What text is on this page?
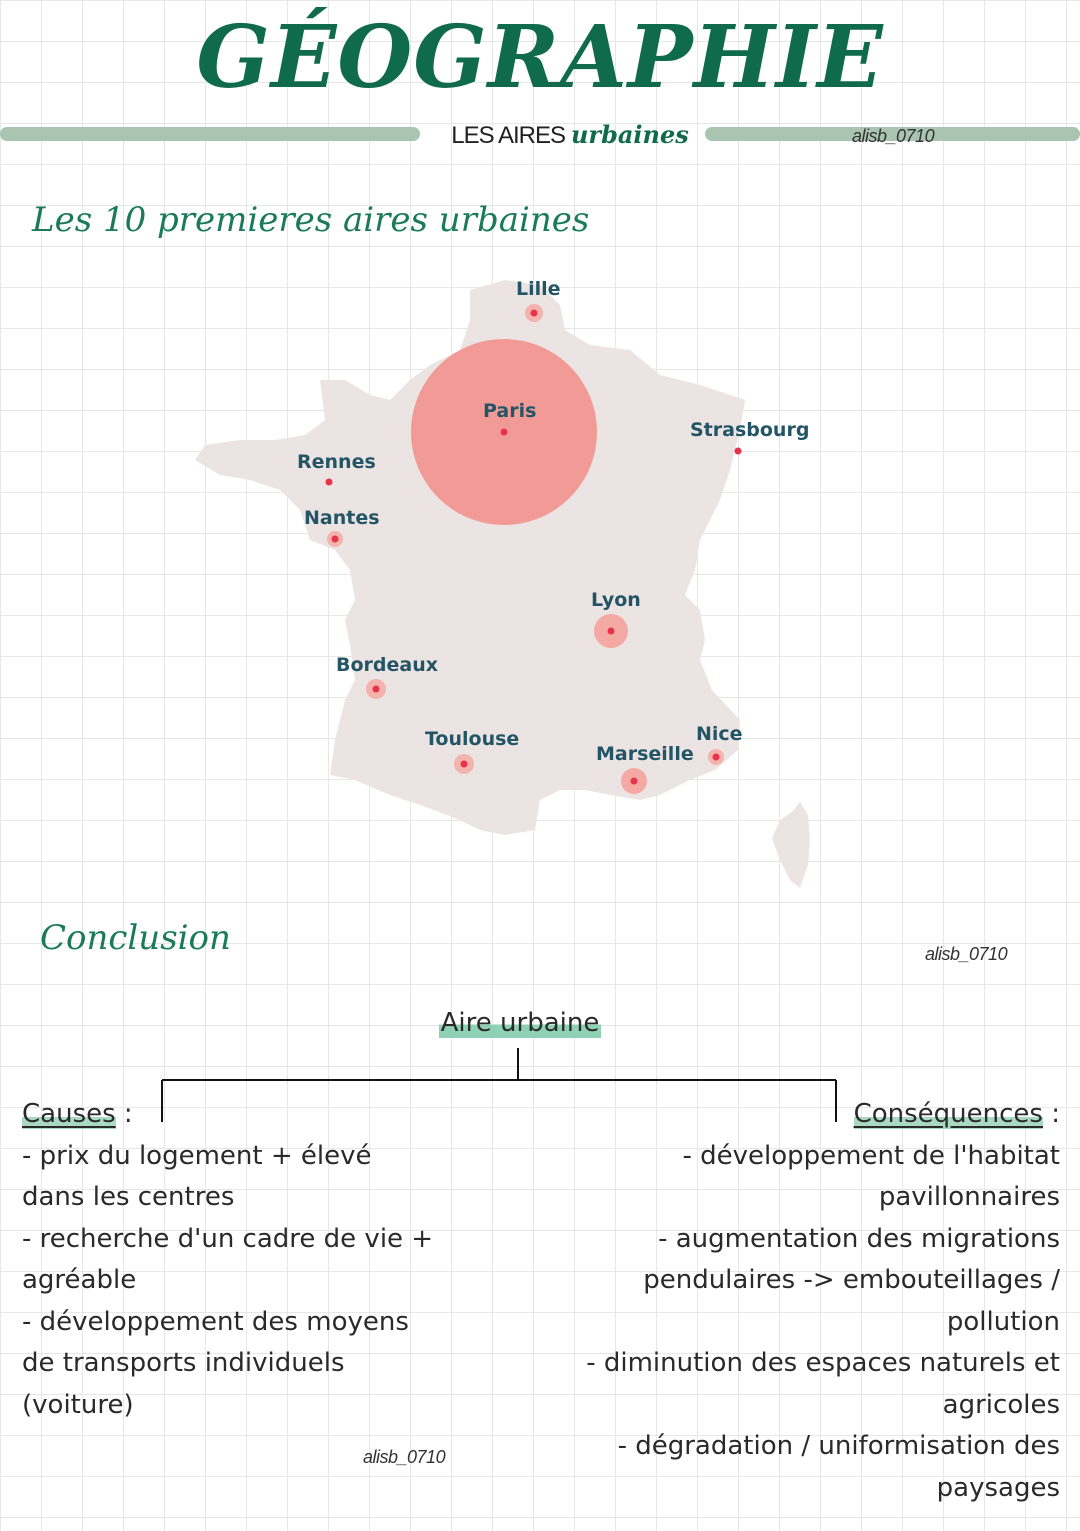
GÉOGRAPHIE
LES AIRES urbaines	alisb_0710
Les 10 premieres aires urbaines
Lille
Paris
Strasbourg
Rennes
Nantes
Lyon
Bordeaux
Toulouse
Marseille
Nice
Conclusion	alisb_0710
Aire urbaine
Causes :
- prix du logement + élevé dans les centres
- recherche d'un cadre de vie + agréable
- développement des moyens de transports individuels (voiture)
Conséquences :
- développement de l'habitat pavillonnaires
- augmentation des migrations pendulaires -> embouteillages / pollution
- diminution des espaces naturels et agricoles
- dégradation / uniformisation des paysages
alisb_0710
